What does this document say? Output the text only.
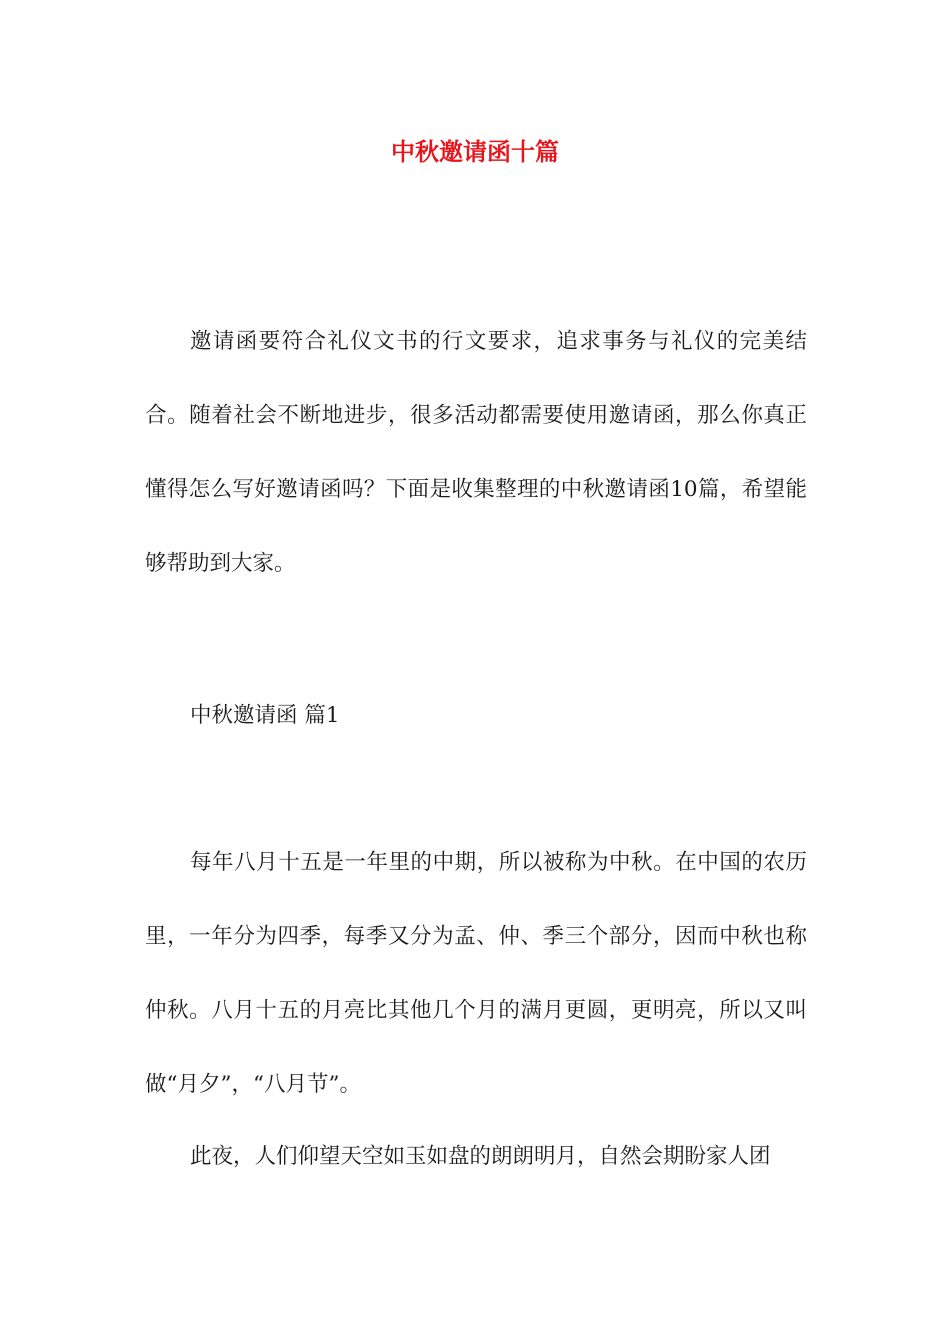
中秋邀请函十篇

邀请函要符合礼仪文书的行文要求，追求事务与礼仪的完美结合。随着社会不断地进步，很多活动都需要使用邀请函，那么你真正懂得怎么写好邀请函吗？下面是收集整理的中秋邀请函10篇，希望能够帮助到大家。

中秋邀请函 篇1

每年八月十五是一年里的中期，所以被称为中秋。在中国的农历里，一年分为四季，每季又分为孟、仲、季三个部分，因而中秋也称仲秋。八月十五的月亮比其他几个月的满月更圆，更明亮，所以又叫做“月夕”，“八月节”。

此夜，人们仰望天空如玉如盘的朗朗明月，自然会期盼家人团
